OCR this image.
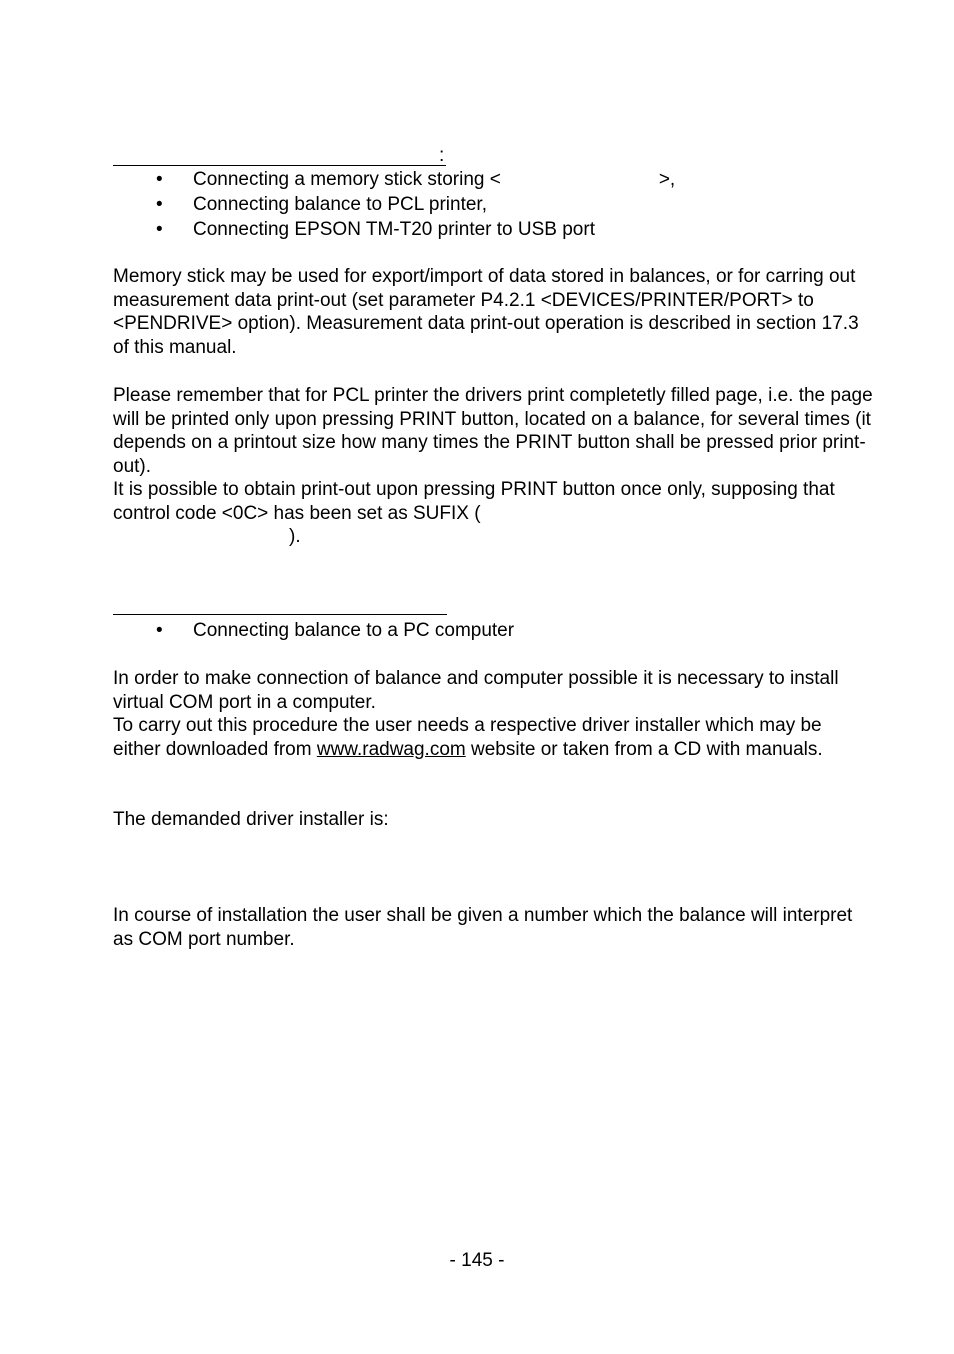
:
• Connecting a memory stick storing <	>,
• Connecting balance to PCL printer,
• Connecting EPSON TM-T20 printer to USB port

Memory stick may be used for export/import of data stored in balances, or for carring out measurement data print-out (set parameter P4.2.1 <DEVICES/PRINTER/PORT> to <PENDRIVE> option). Measurement data print-out operation is described in section 17.3 of this manual.

Please remember that for PCL printer the drivers print completetly filled page, i.e. the page will be printed only upon pressing PRINT button, located on a balance, for several times (it depends on a printout size how many times the PRINT button shall be pressed prior print-out).

It is possible to obtain print-out upon pressing PRINT button once only, supposing that control code <0C> has been set as SUFIX (
).

• Connecting balance to a PC computer

In order to make connection of balance and computer possible it is necessary to install virtual COM port in a computer.

To carry out this procedure the user needs a respective driver installer which may be either downloaded from www.radwag.com website or taken from a CD with manuals.

The demanded driver installer is:

In course of installation the user shall be given a number which the balance will interpret as COM port number.

- 145 -
